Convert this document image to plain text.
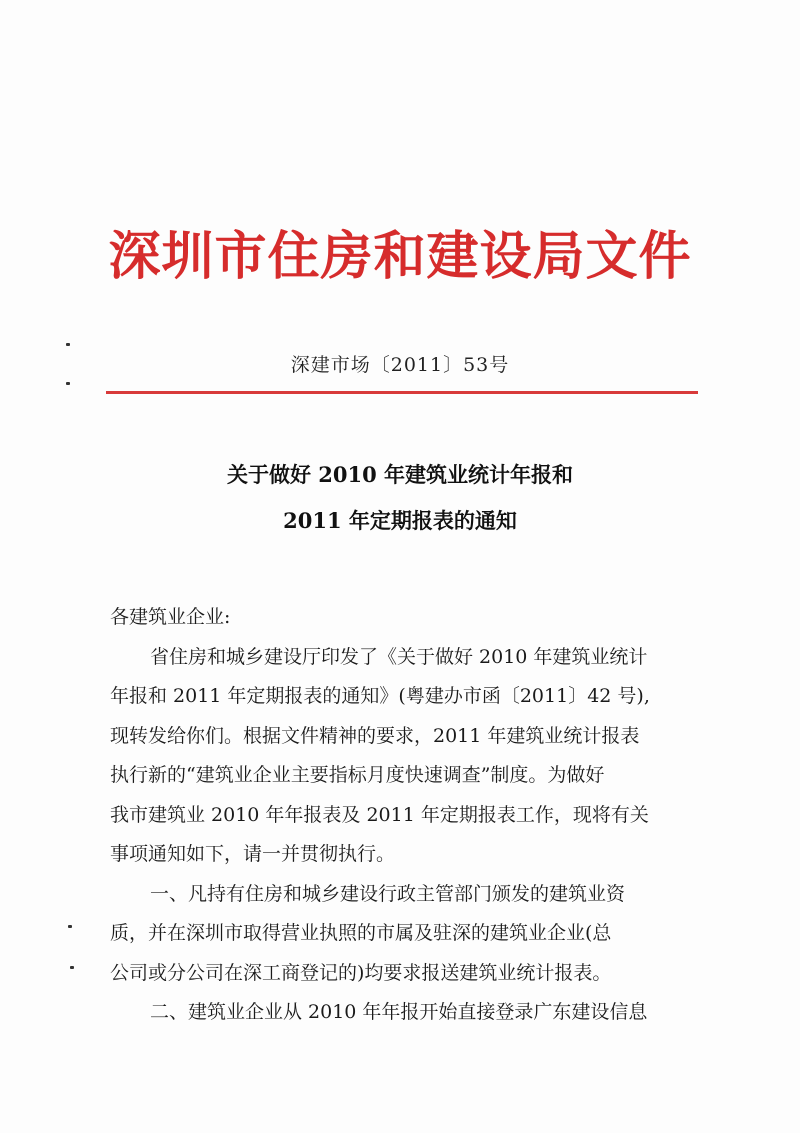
深圳市住房和建设局文件
深建市场〔2011〕53号
关于做好 2010 年建筑业统计年报和
2011 年定期报表的通知
各建筑业企业:
省住房和城乡建设厅印发了《关于做好 2010 年建筑业统计
年报和 2011 年定期报表的通知》(粤建办市函〔2011〕42 号),
现转发给你们。根据文件精神的要求，2011 年建筑业统计报表
执行新的“建筑业企业主要指标月度快速调查”制度。为做好
我市建筑业 2010 年年报表及 2011 年定期报表工作，现将有关
事项通知如下，请一并贯彻执行。
一、凡持有住房和城乡建设行政主管部门颁发的建筑业资
质，并在深圳市取得营业执照的市属及驻深的建筑业企业(总
公司或分公司在深工商登记的)均要求报送建筑业统计报表。
二、建筑业企业从 2010 年年报开始直接登录广东建设信息
